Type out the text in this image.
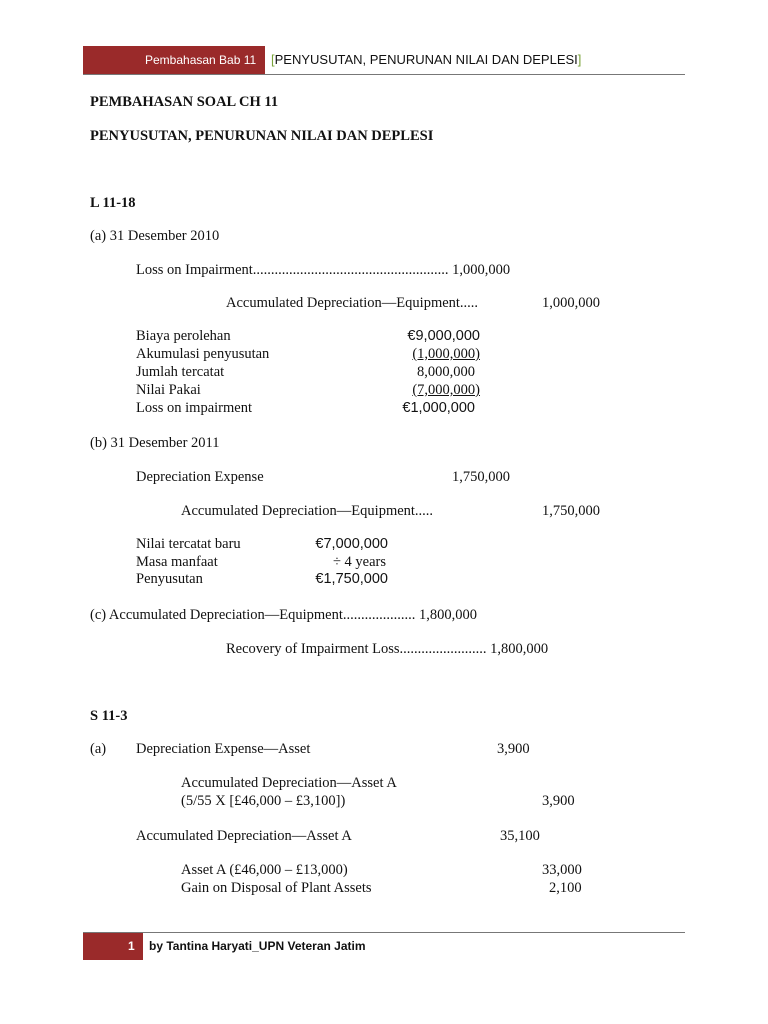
Pembahasan Bab 11 [PENYUSUTAN, PENURUNAN NILAI DAN DEPLESI]
PEMBAHASAN SOAL CH 11
PENYUSUTAN, PENURUNAN NILAI DAN DEPLESI
L 11-18
(a) 31 Desember 2010
Loss on Impairment...................................................... 1,000,000
Accumulated Depreciation—Equipment.....	1,000,000
Biaya perolehan	€9,000,000
Akumulasi penyusutan	(1,000,000)
Jumlah tercatat	8,000,000
Nilai Pakai	(7,000,000)
Loss on impairment	€1,000,000
(b) 31 Desember 2011
Depreciation Expense	1,750,000
Accumulated Depreciation—Equipment.....	1,750,000
Nilai tercatat baru	€7,000,000
Masa manfaat	÷ 4 years
Penyusutan	€1,750,000
(c) Accumulated Depreciation—Equipment.................... 1,800,000
Recovery of Impairment Loss........................ 1,800,000
S 11-3
(a) Depreciation Expense—Asset	3,900
Accumulated Depreciation—Asset A
(5/55 X [£46,000 – £3,100])	3,900
Accumulated Depreciation—Asset A	35,100
Asset A (£46,000 – £13,000)	33,000
Gain on Disposal of Plant Assets	2,100
1 by Tantina Haryati_UPN Veteran Jatim
